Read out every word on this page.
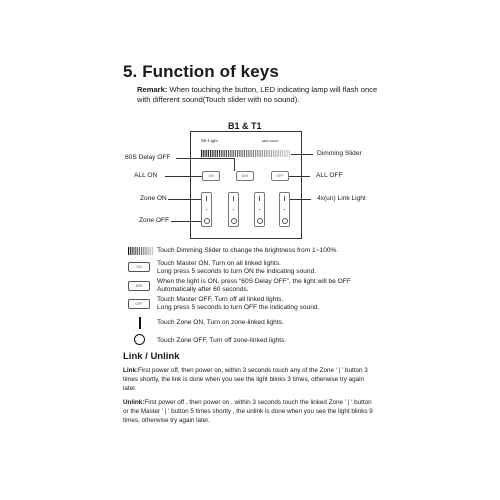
5. Function of keys
Remark: When touching the button, LED indicating lamp will flash once with different sound(Touch slider with no sound).
B1 & T1
Mi-Light	ᴇᴀsʏ ʟɪɢʜᴛ
ON	60S	OFF
60S Delay OFF
ALL ON
Zone ON
Zone OFF
Dimming Slider
ALL OFF
4x(un) Link Light
Touch Dimming Slider to change the brightness from 1~100%.
ON	Touch Master ON, Turn on all linked lights.
Long press 5 seconds to turn ON the indicating sound.
60S
When the light is ON, press “60S Delay OFF”, the light will be OFF
Automatically after 60 seconds.
OFF
Touch Master OFF, Turn off all linked lights.
Long press 5 seconds to turn OFF the indicating sound.
Touch Zone ON, Turn on zone-linked lights.
Touch Zone OFF, Turn off zone-linked lights.
Link / Unlink
Link:First power off, then power on, within 3 seconds touch any of the Zone ' | ' button 3 times shortly, the link is done when you see the light blinks 3 times, otherwise try again later.
Unlink:First power off , then power on , within 3 seconds touch the linked Zone ' | ' button or the Master ' | ' button 5 times shortly , the unlink is done when you see the light blinks 9 times, otherwise try again later.
